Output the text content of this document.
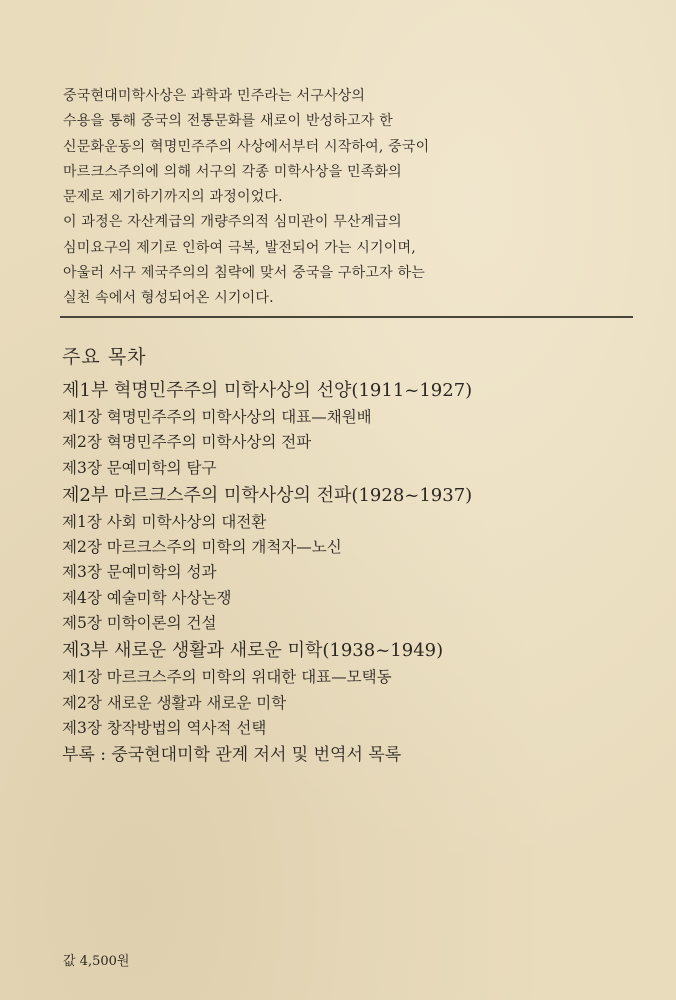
중국현대미학사상은 과학과 민주라는 서구사상의

수용을 통해 중국의 전통문화를 새로이 반성하고자 한

신문화운동의 혁명민주주의 사상에서부터 시작하여, 중국이

마르크스주의에 의해 서구의 각종 미학사상을 민족화의

문제로 제기하기까지의 과정이었다.

이 과정은 자산계급의 개량주의적 심미관이 무산계급의

심미요구의 제기로 인하여 극복, 발전되어 가는 시기이며,

아울러 서구 제국주의의 침략에 맞서 중국을 구하고자 하는

실천 속에서 형성되어온 시기이다.

주요 목차
제1부 혁명민주주의 미학사상의 선양(1911~1927)
제1장 혁명민주주의 미학사상의 대표—채원배
제2장 혁명민주주의 미학사상의 전파
제3장 문예미학의 탐구
제2부 마르크스주의 미학사상의 전파(1928~1937)
제1장 사회 미학사상의 대전환
제2장 마르크스주의 미학의 개척자—노신
제3장 문예미학의 성과
제4장 예술미학 사상논쟁
제5장 미학이론의 건설
제3부 새로운 생활과 새로운 미학(1938~1949)
제1장 마르크스주의 미학의 위대한 대표—모택동
제2장 새로운 생활과 새로운 미학
제3장 창작방법의 역사적 선택
부록 : 중국현대미학 관계 저서 및 번역서 목록
값 4,500원
